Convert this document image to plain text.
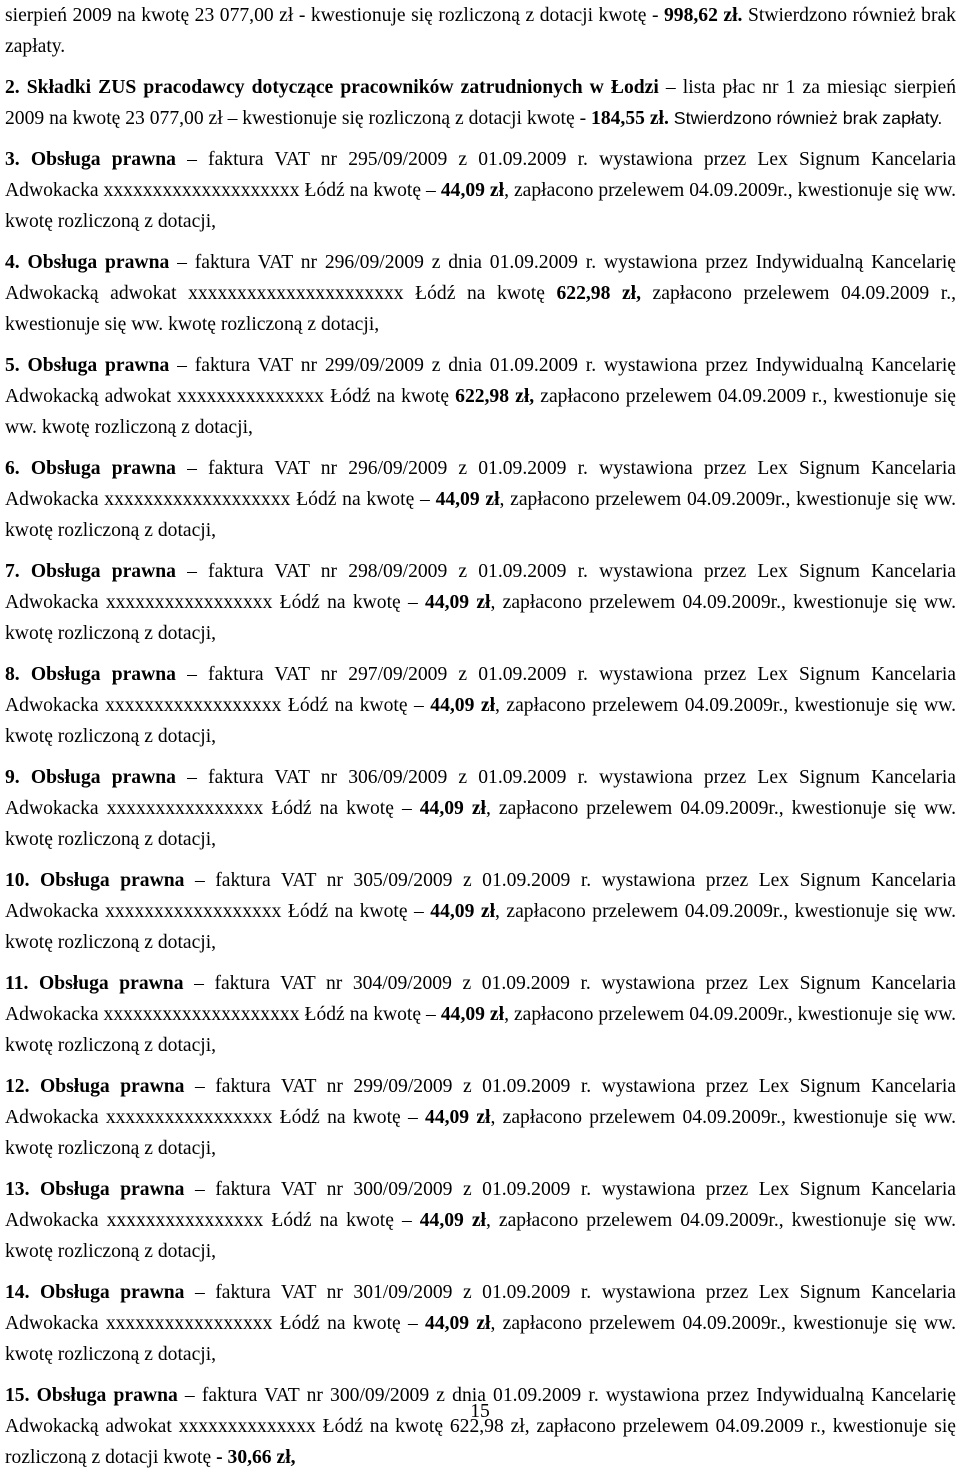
sierpień 2009 na kwotę 23 077,00 zł - kwestionuje się rozliczoną z dotacji kwotę - 998,62 zł. Stwierdzono również brak zapłaty.

2. Składki ZUS pracodawcy dotyczące pracowników zatrudnionych w Łodzi – lista płac nr 1 za miesiąc sierpień 2009 na kwotę 23 077,00 zł – kwestionuje się rozliczoną z dotacji kwotę - 184,55 zł. Stwierdzono również brak zapłaty.

3. Obsługa prawna – faktura VAT nr 295/09/2009 z 01.09.2009 r. wystawiona przez Lex Signum Kancelaria Adwokacka xxxxxxxxxxxxxxxxxxxx Łódź na kwotę – 44,09 zł, zapłacono przelewem 04.09.2009r., kwestionuje się ww. kwotę rozliczoną z dotacji,

4. Obsługa prawna – faktura VAT nr 296/09/2009 z dnia 01.09.2009 r. wystawiona przez Indywidualną Kancelarię Adwokacką adwokat xxxxxxxxxxxxxxxxxxxxxx Łódź na kwotę 622,98 zł, zapłacono przelewem 04.09.2009 r., kwestionuje się ww. kwotę rozliczoną z dotacji,

5. Obsługa prawna – faktura VAT nr 299/09/2009 z dnia 01.09.2009 r. wystawiona przez Indywidualną Kancelarię Adwokacką adwokat xxxxxxxxxxxxxxx Łódź na kwotę 622,98 zł, zapłacono przelewem 04.09.2009 r., kwestionuje się ww. kwotę rozliczoną z dotacji,

6. Obsługa prawna – faktura VAT nr 296/09/2009 z 01.09.2009 r. wystawiona przez Lex Signum Kancelaria Adwokacka xxxxxxxxxxxxxxxxxxx Łódź na kwotę – 44,09 zł, zapłacono przelewem 04.09.2009r., kwestionuje się ww. kwotę rozliczoną z dotacji,

7. Obsługa prawna – faktura VAT nr 298/09/2009 z 01.09.2009 r. wystawiona przez Lex Signum Kancelaria Adwokacka xxxxxxxxxxxxxxxxx Łódź na kwotę – 44,09 zł, zapłacono przelewem 04.09.2009r., kwestionuje się ww. kwotę rozliczoną z dotacji,

8. Obsługa prawna – faktura VAT nr 297/09/2009 z 01.09.2009 r. wystawiona przez Lex Signum Kancelaria Adwokacka xxxxxxxxxxxxxxxxxx Łódź na kwotę – 44,09 zł, zapłacono przelewem 04.09.2009r., kwestionuje się ww. kwotę rozliczoną z dotacji,

9. Obsługa prawna – faktura VAT nr 306/09/2009 z 01.09.2009 r. wystawiona przez Lex Signum Kancelaria Adwokacka xxxxxxxxxxxxxxxx Łódź na kwotę – 44,09 zł, zapłacono przelewem 04.09.2009r., kwestionuje się ww. kwotę rozliczoną z dotacji,

10. Obsługa prawna – faktura VAT nr 305/09/2009 z 01.09.2009 r. wystawiona przez Lex Signum Kancelaria Adwokacka xxxxxxxxxxxxxxxxxx Łódź na kwotę – 44,09 zł, zapłacono przelewem 04.09.2009r., kwestionuje się ww. kwotę rozliczoną z dotacji,

11. Obsługa prawna – faktura VAT nr 304/09/2009 z 01.09.2009 r. wystawiona przez Lex Signum Kancelaria Adwokacka xxxxxxxxxxxxxxxxxxxx Łódź na kwotę – 44,09 zł, zapłacono przelewem 04.09.2009r., kwestionuje się ww. kwotę rozliczoną z dotacji,

12. Obsługa prawna – faktura VAT nr 299/09/2009 z 01.09.2009 r. wystawiona przez Lex Signum Kancelaria Adwokacka xxxxxxxxxxxxxxxxx Łódź na kwotę – 44,09 zł, zapłacono przelewem 04.09.2009r., kwestionuje się ww. kwotę rozliczoną z dotacji,

13. Obsługa prawna – faktura VAT nr 300/09/2009 z 01.09.2009 r. wystawiona przez Lex Signum Kancelaria Adwokacka xxxxxxxxxxxxxxxx Łódź na kwotę – 44,09 zł, zapłacono przelewem 04.09.2009r., kwestionuje się ww. kwotę rozliczoną z dotacji,

14. Obsługa prawna – faktura VAT nr 301/09/2009 z 01.09.2009 r. wystawiona przez Lex Signum Kancelaria Adwokacka xxxxxxxxxxxxxxxxx Łódź na kwotę – 44,09 zł, zapłacono przelewem 04.09.2009r., kwestionuje się ww. kwotę rozliczoną z dotacji,

15. Obsługa prawna – faktura VAT nr 300/09/2009 z dnia 01.09.2009 r. wystawiona przez Indywidualną Kancelarię Adwokacką adwokat xxxxxxxxxxxxxx Łódź na kwotę 622,98 zł, zapłacono przelewem 04.09.2009 r., kwestionuje się rozliczoną z dotacji kwotę - 30,66 zł,

15
